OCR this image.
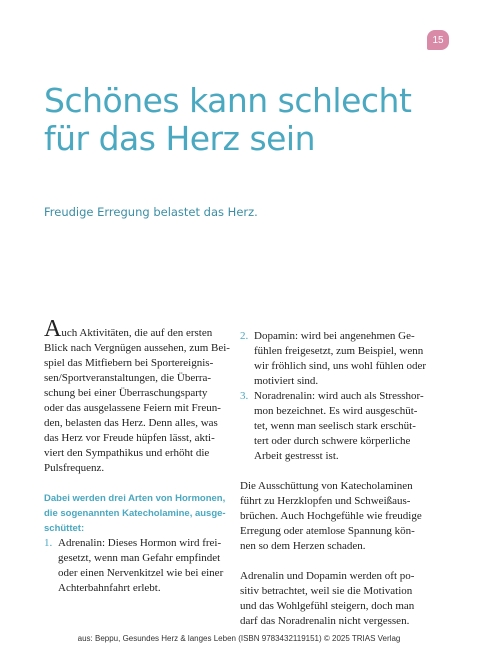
15
Schönes kann schlecht
für das Herz sein

Freudige Erregung belastet das Herz.

Auch Aktivitäten, die auf den ersten
Blick nach Vergnügen aussehen, zum Bei-
spiel das Mitfiebern bei Sportereignis-
sen/Sportveranstaltungen, die Überra-
schung bei einer Überraschungsparty
oder das ausgelassene Feiern mit Freun-
den, belasten das Herz. Denn alles, was
das Herz vor Freude hüpfen lässt, akti-
viert den Sympathikus und erhöht die
Pulsfrequenz.
Dabei werden drei Arten von Hormonen,
die sogenannten Katecholamine, ausge-
schüttet:
1. Adrenalin: Dieses Hormon wird frei-
gesetzt, wenn man Gefahr empfindet
oder einen Nervenkitzel wie bei einer
Achterbahnfahrt erlebt.
2. Dopamin: wird bei angenehmen Ge-
fühlen freigesetzt, zum Beispiel, wenn
wir fröhlich sind, uns wohl fühlen oder
motiviert sind.
3. Noradrenalin: wird auch als Stresshor-
mon bezeichnet. Es wird ausgeschüt-
tet, wenn man seelisch stark erschüt-
tert oder durch schwere körperliche
Arbeit gestresst ist.
Die Ausschüttung von Katecholaminen
führt zu Herzklopfen und Schweißaus-
brüchen. Auch Hochgefühle wie freudige
Erregung oder atemlose Spannung kön-
nen so dem Herzen schaden.
Adrenalin und Dopamin werden oft po-
sitiv betrachtet, weil sie die Motivation
und das Wohlgefühl steigern, doch man
darf das Noradrenalin nicht vergessen.
aus: Beppu, Gesundes Herz & langes Leben (ISBN 9783432119151) © 2025 TRIAS Verlag
